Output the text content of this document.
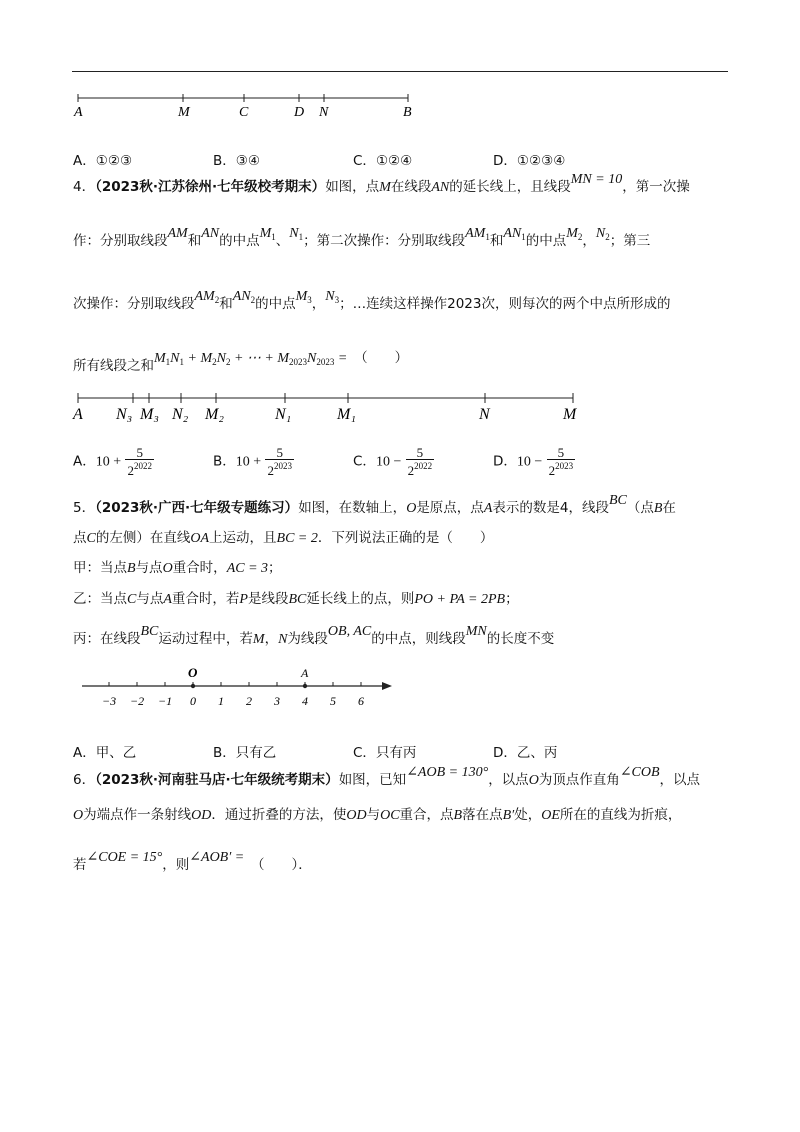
A	M	C	D N	B
A．①②③	B．③④	C．①②④	D．①②③④
4．（2023秋·江苏徐州·七年级校考期末）如图，点M在线段AN的延长线上，且线段MN = 10，第一次操
作：分别取线段AM和AN的中点$M_1$、$N_1$；第二次操作：分别取线段$AM_1$和$AN_1$的中点$M_2$，$N_2$；第三
次操作：分别取线段$AM_2$和$AN_2$的中点$M_3$，$N_3$；…连续这样操作2023次，则每次的两个中点所形成的
所有线段之和$M_1N_1 + M_2N_2$ + ⋯ + $M_{2023}N_{2023}$ =　 （　　）
A N₃ M₃ N₂ M₂	N₁	M₁	N	M
A．$10 + \frac{5}{2^{2022}}$	B．$10 + \frac{5}{2^{2023}}$	C．$10 - \frac{5}{2^{2022}}$	D．$10 - \frac{5}{2^{2023}}$
5．（2023秋·广西·七年级专题练习）如图，在数轴上，O是原点，点A表示的数是4，线段BC（点B在
点C的左侧）在直线OA上运动，且BC = 2．下列说法正确的是（　　）
甲：当点B与点O重合时，AC = 3；
乙：当点C与点A重合时，若P是线段BC延长线上的点，则PO + PA = 2PB；
丙：在线段BC运动过程中，若M，N为线段OB, AC的中点，则线段MN的长度不变
O	A
−3 −2 −1 0 1 2 3 4 5 6
A．甲、乙	B．只有乙	C．只有丙	D．乙、丙
6．（2023秋·河南驻马店·七年级统考期末）如图，已知∠AOB = 130°，以点O为顶点作直角∠COB，以点
O为端点作一条射线OD．通过折叠的方法，使OD与OC重合，点B落在点B′处，OE所在的直线为折痕，
若∠COE = 15°，则∠AOB′ =　 （　　）．
